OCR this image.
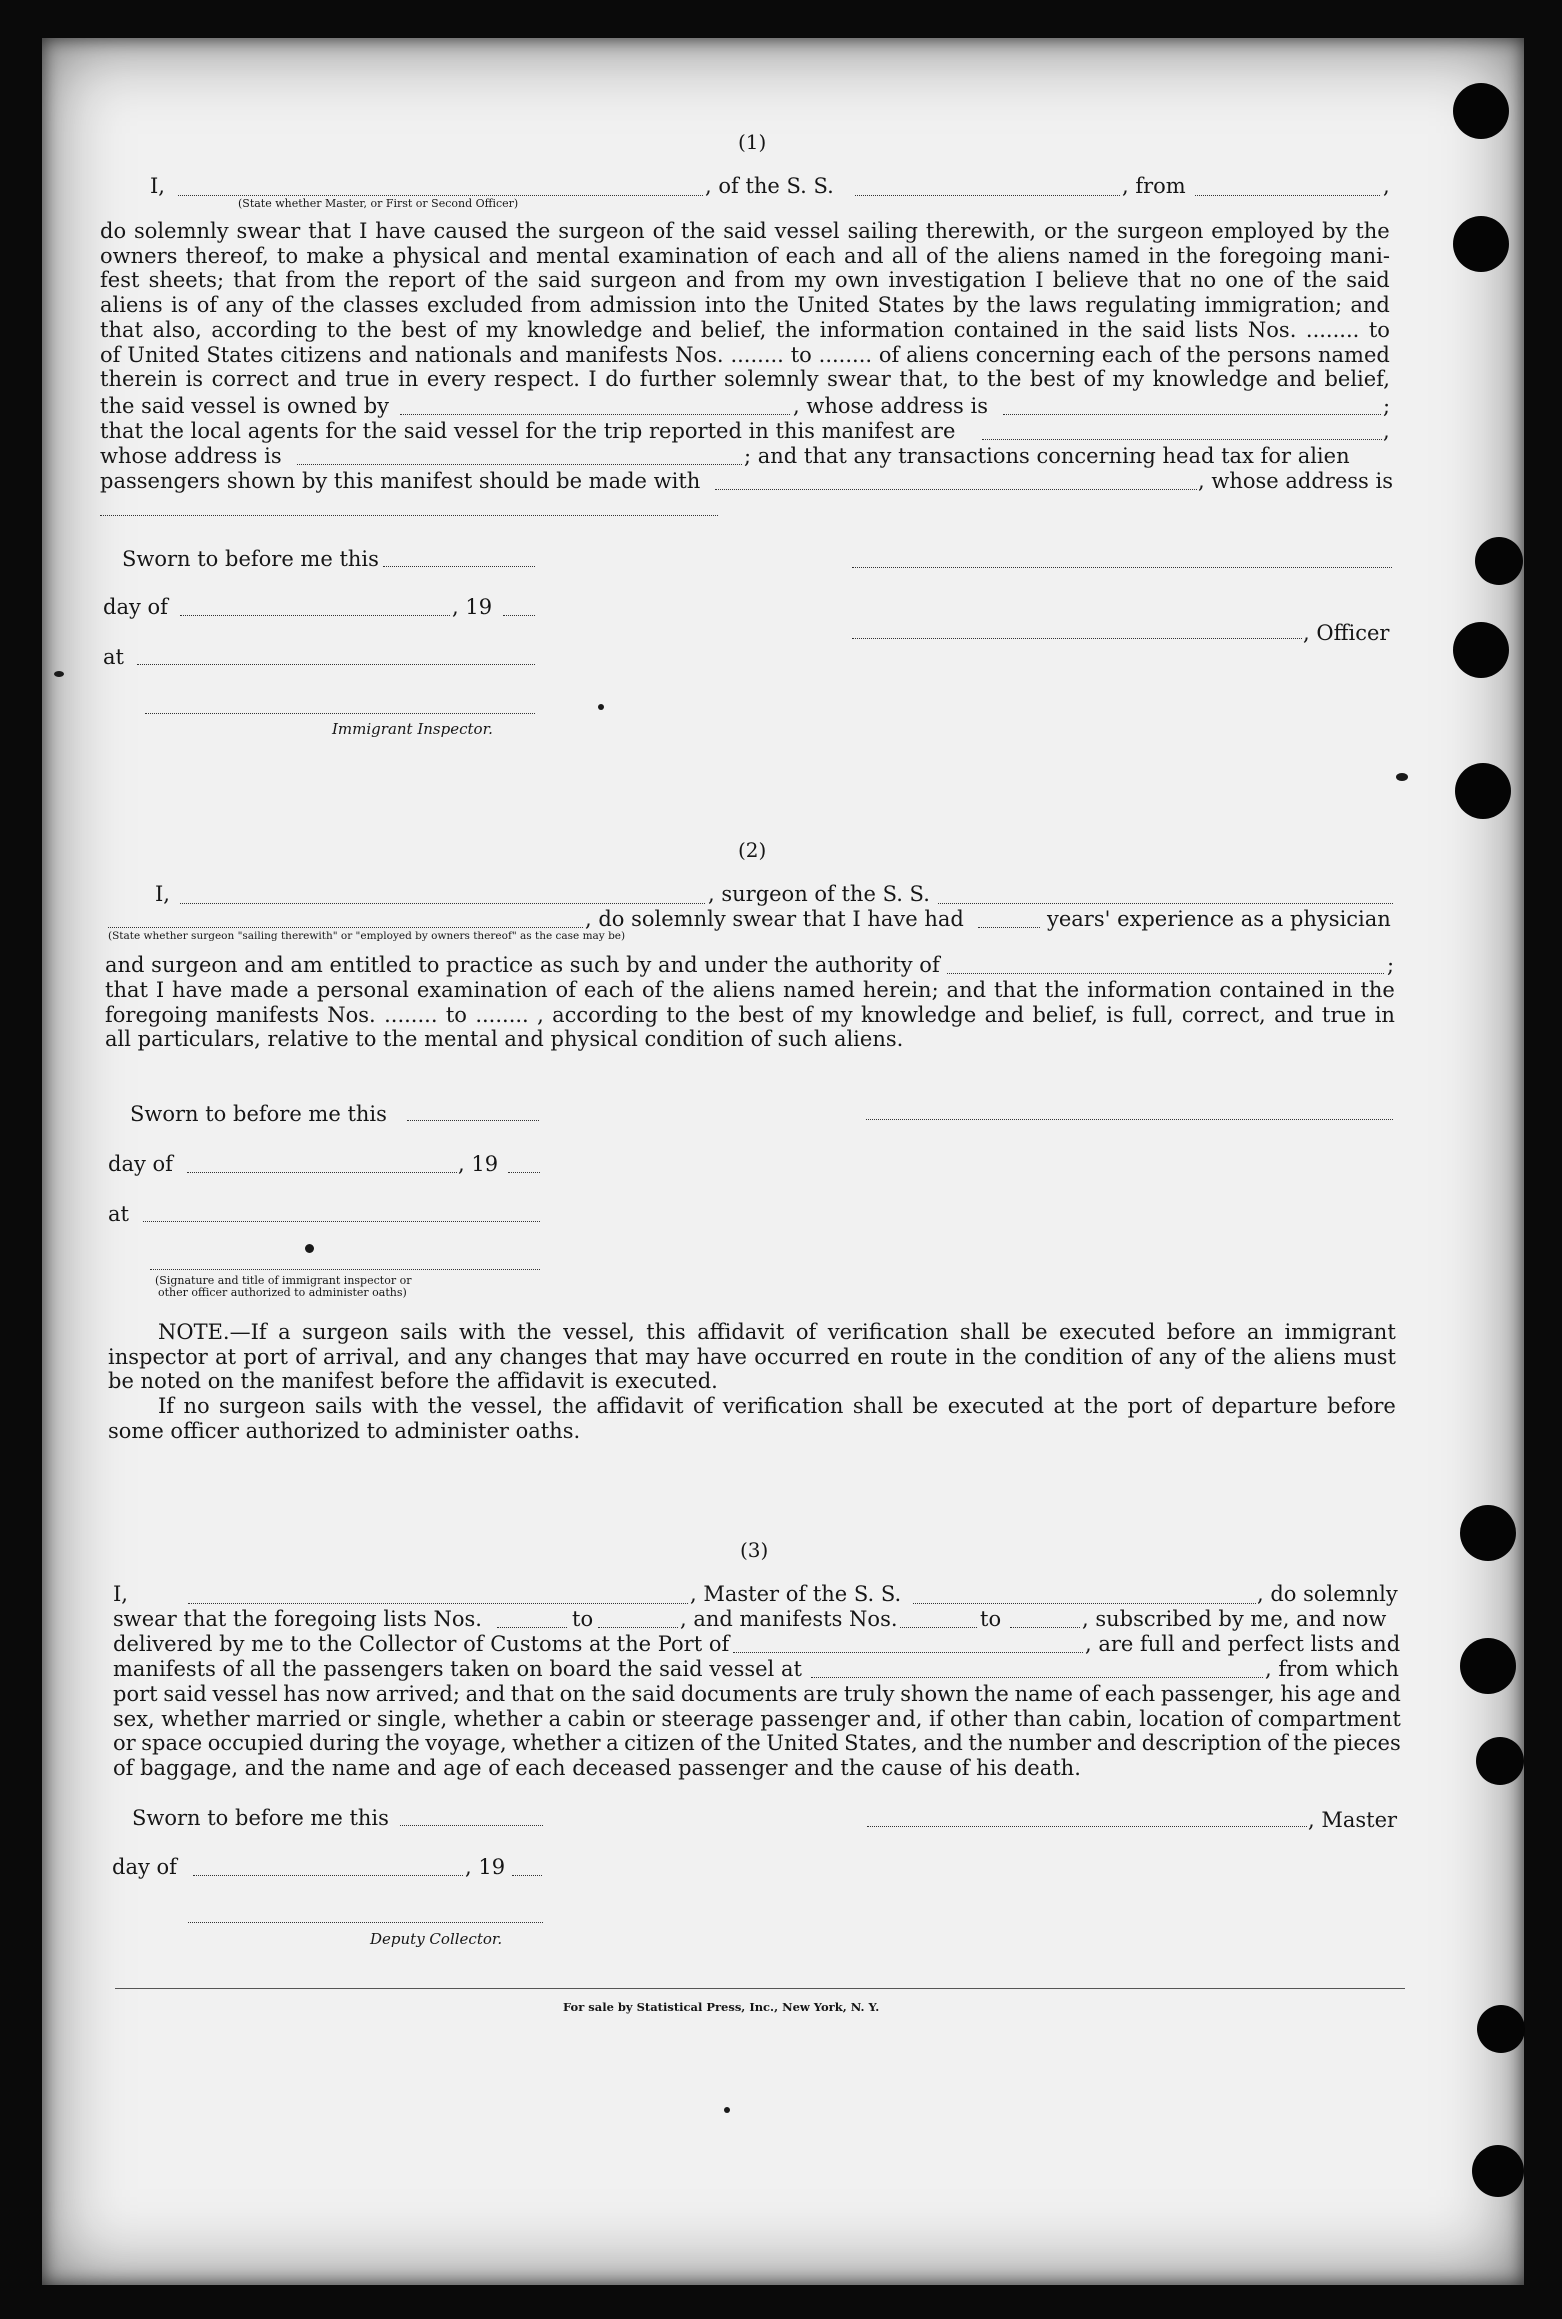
(1)
I,	, of the S. S.	, from	,
(State whether Master, or First or Second Officer)
do solemnly swear that I have caused the surgeon of the said vessel sailing therewith, or the surgeon employed by the
owners thereof, to make a physical and mental examination of each and all of the aliens named in the foregoing mani-
fest sheets; that from the report of the said surgeon and from my own investigation I believe that no one of the said
aliens is of any of the classes excluded from admission into the United States by the laws regulating immigration; and
that also, according to the best of my knowledge and belief, the information contained in the said lists Nos. ........ to
of United States citizens and nationals and manifests Nos. ........ to ........ of aliens concerning each of the persons named
therein is correct and true in every respect. I do further solemnly swear that, to the best of my knowledge and belief,
the said vessel is owned by	, whose address is	;
that the local agents for the said vessel for the trip reported in this manifest are	,
whose address is	; and that any transactions concerning head tax for alien
passengers shown by this manifest should be made with	, whose address is
Sworn to before me this
day of	, 19
, Officer
at
Immigrant Inspector.
(2)
I,	, surgeon of the S. S.
, do solemnly swear that I have had	years' experience as a physician
(State whether surgeon "sailing therewith" or "employed by owners thereof" as the case may be)
and surgeon and am entitled to practice as such by and under the authority of	;
that I have made a personal examination of each of the aliens named herein; and that the information contained in the
foregoing manifests Nos. ........ to ........ , according to the best of my knowledge and belief, is full, correct, and true in
all particulars, relative to the mental and physical condition of such aliens.
Sworn to before me this
day of	, 19
at
(Signature and title of immigrant inspector or
other officer authorized to administer oaths)
NOTE.—If a surgeon sails with the vessel, this affidavit of verification shall be executed before an immigrant
inspector at port of arrival, and any changes that may have occurred en route in the condition of any of the aliens must
be noted on the manifest before the affidavit is executed.
If no surgeon sails with the vessel, the affidavit of verification shall be executed at the port of departure before
some officer authorized to administer oaths.
(3)
I,	, Master of the S. S.	, do solemnly
swear that the foregoing lists Nos.	to	, and manifests Nos.	to	, subscribed by me, and now
delivered by me to the Collector of Customs at the Port of	, are full and perfect lists and
manifests of all the passengers taken on board the said vessel at	, from which
port said vessel has now arrived; and that on the said documents are truly shown the name of each passenger, his age and
sex, whether married or single, whether a cabin or steerage passenger and, if other than cabin, location of compartment
or space occupied during the voyage, whether a citizen of the United States, and the number and description of the pieces
of baggage, and the name and age of each deceased passenger and the cause of his death.
Sworn to before me this	, Master
day of	, 19
Deputy Collector.
For sale by Statistical Press, Inc., New York, N. Y.
